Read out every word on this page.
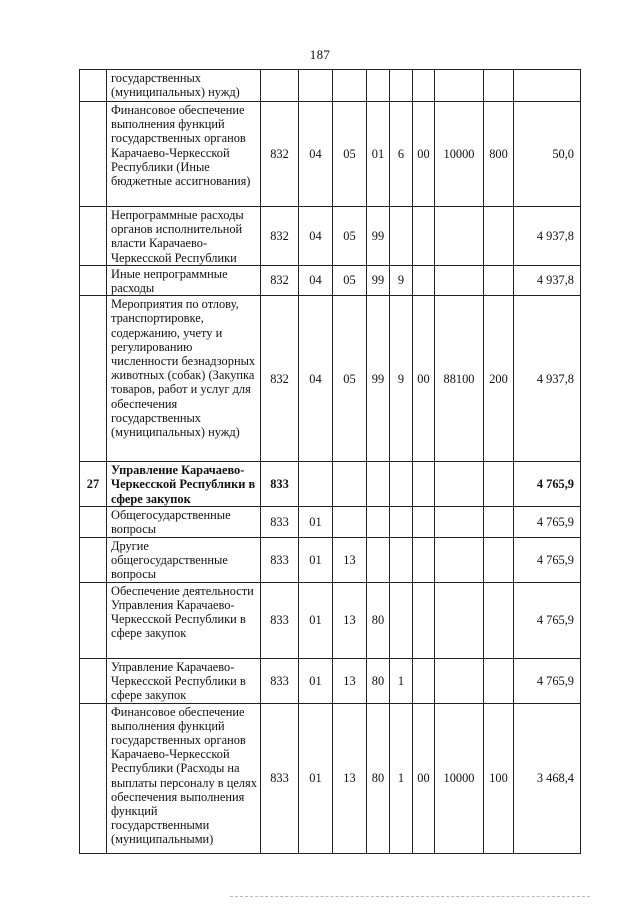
187
	государственных (муниципальных) нужд)									
	Финансовое обеспечение выполнения функций государственных органов Карачаево-Черкесской Республики (Иные бюджетные ассигнования)	832	04	05	01	6	00	10000	800	50,0
	Непрограммные расходы органов исполнительной власти Карачаево-Черкесской Республики	832	04	05	99					4 937,8
	Иные непрограммные расходы	832	04	05	99	9				4 937,8
	Мероприятия по отлову, транспортировке, содержанию, учету и регулированию численности безнадзорных животных (собак) (Закупка товаров, работ и услуг для обеспечения государственных (муниципальных) нужд)	832	04	05	99	9	00	88100	200	4 937,8
27	Управление Карачаево-Черкесской Республики в сфере закупок	833								4 765,9
	Общегосударственные вопросы	833	01							4 765,9
	Другие общегосударственные вопросы	833	01	13						4 765,9
	Обеспечение деятельности Управления Карачаево-Черкесской Республики в сфере закупок	833	01	13	80					4 765,9
	Управление Карачаево-Черкесской Республики в сфере закупок	833	01	13	80	1				4 765,9
	Финансовое обеспечение выполнения функций государственных органов Карачаево-Черкесской Республики (Расходы на выплаты персоналу в целях обеспечения выполнения функций государственными (муниципальными)	833	01	13	80	1	00	10000	100	3 468,4
